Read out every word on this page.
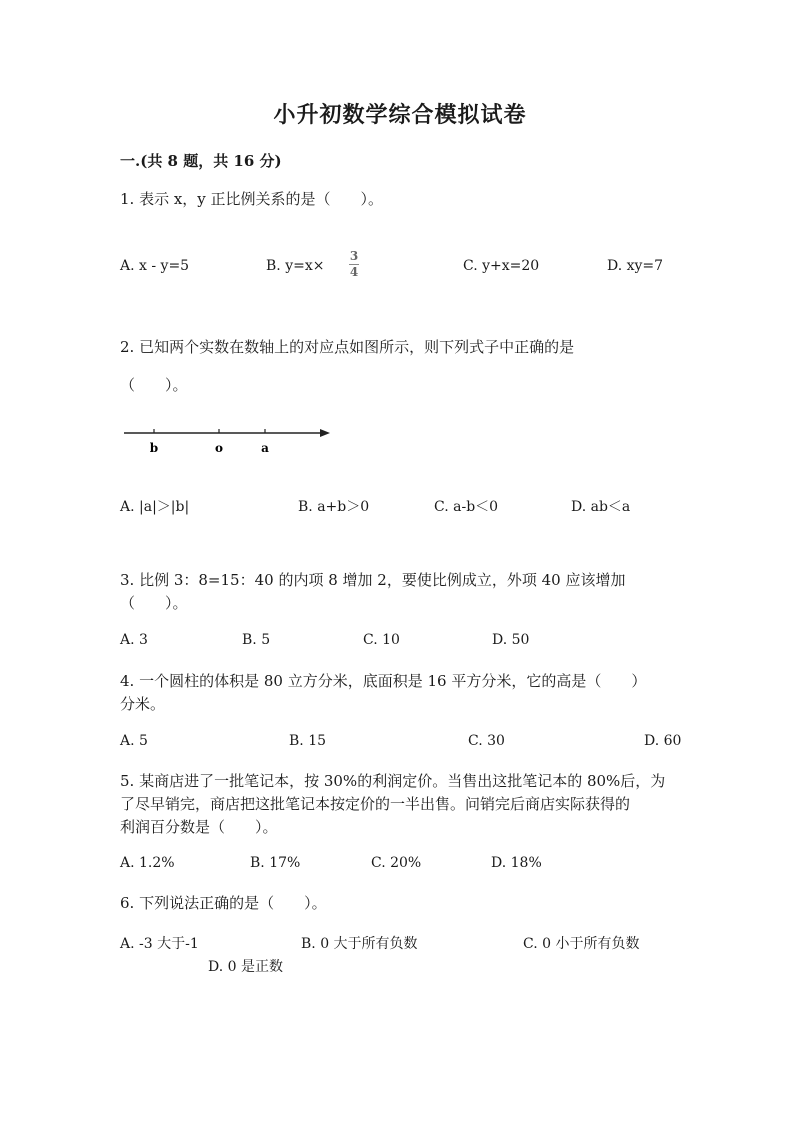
小升初数学综合模拟试卷
一.(共 8 题，共 16 分)
1. 表示 x，y 正比例关系的是（　　）。
A. x - y=5	B. y=x×
3
4	C. y+x=20	D. xy=7
2. 已知两个实数在数轴上的对应点如图所示，则下列式子中正确的是
（　　）。
b	o	a
A. |a|＞|b|	B. a+b＞0	C. a-b＜0	D. ab＜a
3. 比例 3：8=15：40 的内项 8 增加 2，要使比例成立，外项 40 应该增加
（　　）。
A. 3	B. 5	C. 10	D. 50
4. 一个圆柱的体积是 80 立方分米，底面积是 16 平方分米，它的高是（　　）
分米。
A. 5	B. 15	C. 30	D. 60
5. 某商店进了一批笔记本，按 30%的利润定价。当售出这批笔记本的 80%后，为
了尽早销完，商店把这批笔记本按定价的一半出售。问销完后商店实际获得的
利润百分数是（　　）。
A. 1.2%	B. 17%	C. 20%	D. 18%
6. 下列说法正确的是（　　）。
A. -3 大于-1	B. 0 大于所有负数	C. 0 小于所有负数
D. 0 是正数
